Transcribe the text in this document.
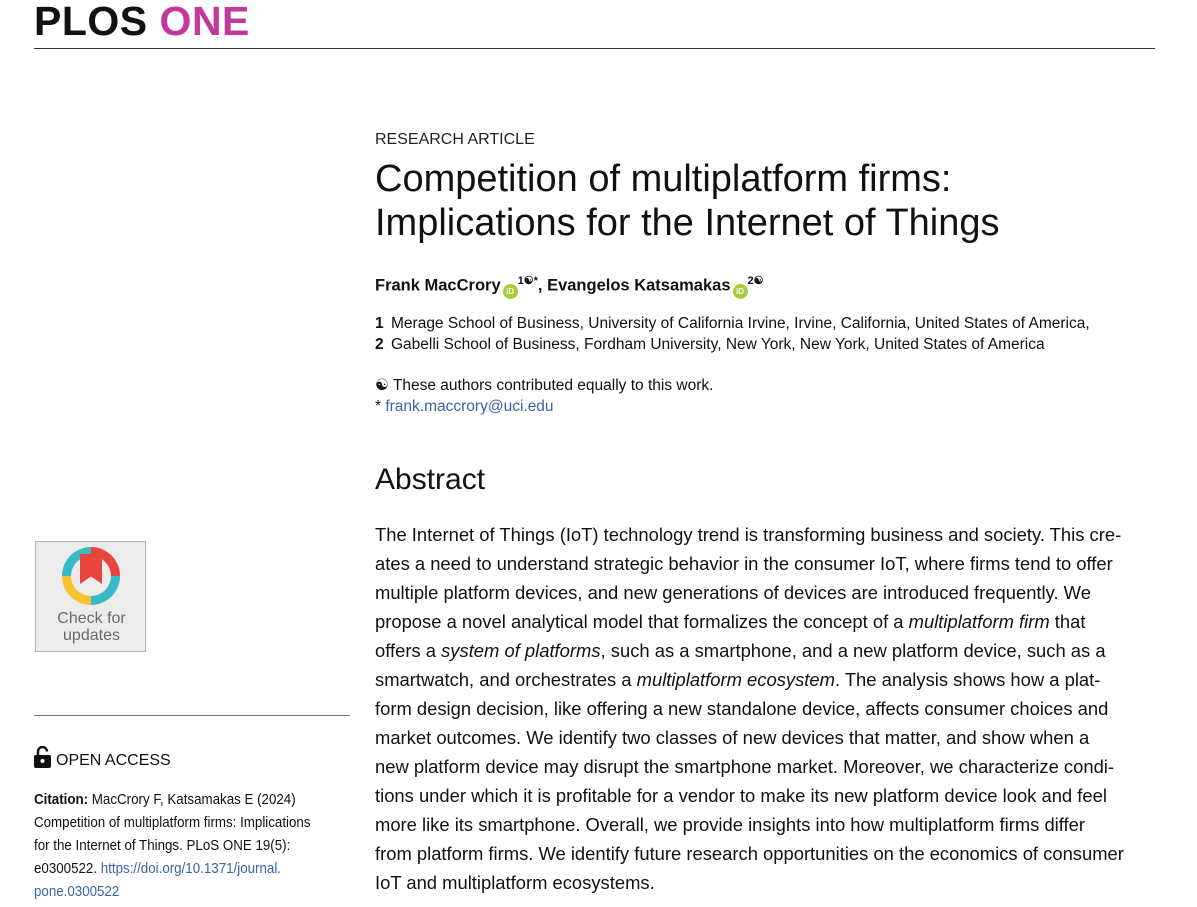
PLOS ONE
RESEARCH ARTICLE
Competition of multiplatform firms:
Implications for the Internet of Things
Frank MacCrory $iD^{1☯*}$, Evangelos Katsamakas $iD^{2☯}$
1 Merage School of Business, University of California Irvine, Irvine, California, United States of America,
2 Gabelli School of Business, Fordham University, New York, New York, United States of America
☯ These authors contributed equally to this work.
* frank.maccrory@uci.edu
Abstract
The Internet of Things (IoT) technology trend is transforming business and society. This cre-
ates a need to understand strategic behavior in the consumer IoT, where firms tend to offer
multiple platform devices, and new generations of devices are introduced frequently. We
propose a novel analytical model that formalizes the concept of a multiplatform firm that
offers a system of platforms, such as a smartphone, and a new platform device, such as a
smartwatch, and orchestrates a multiplatform ecosystem. The analysis shows how a plat-
form design decision, like offering a new standalone device, affects consumer choices and
market outcomes. We identify two classes of new devices that matter, and show when a
new platform device may disrupt the smartphone market. Moreover, we characterize condi-
tions under which it is profitable for a vendor to make its new platform device look and feel
more like its smartphone. Overall, we provide insights into how multiplatform firms differ
from platform firms. We identify future research opportunities on the economics of consumer
IoT and multiplatform ecosystems.
Check for
updates
OPEN ACCESS
Citation: MacCrory F, Katsamakas E (2024)
Competition of multiplatform firms: Implications
for the Internet of Things. PLoS ONE 19(5):
e0300522. https://doi.org/10.1371/journal.
pone.0300522
